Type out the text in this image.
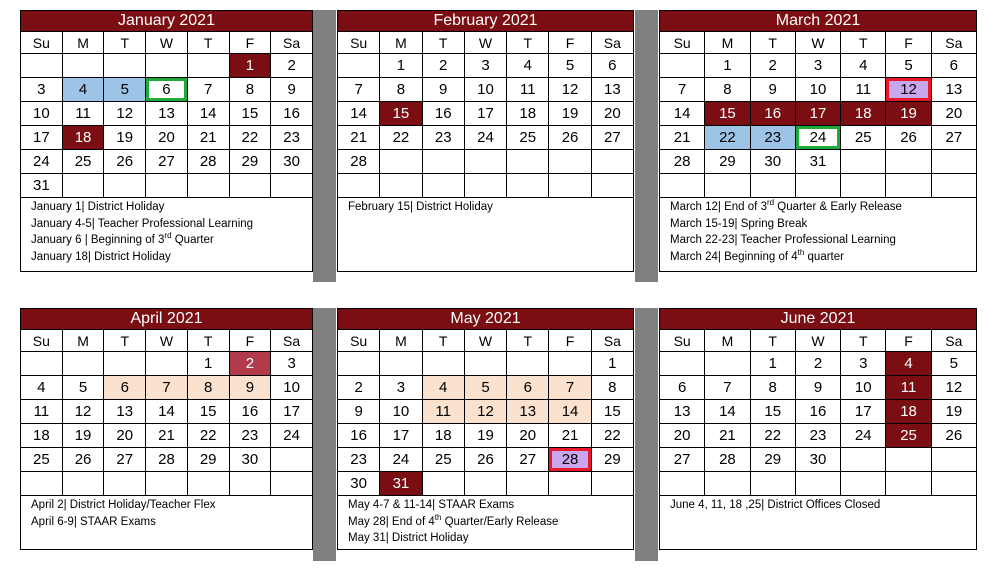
January 2021						
Su	M	T	W	T	F	Sa
					1	2
3	4	5	6	7	8	9
10	11	12	13	14	15	16
17	18	19	20	21	22	23
24	25	26	27	28	29	30
31						

January 1| District Holiday
January 4-5| Teacher Professional Learning
January 6 | Beginning of 3rd Quarter
January 18| District Holiday						
February 2021						
Su	M	T	W	T	F	Sa
	1	2	3	4	5	6
7	8	9	10	11	12	13
14	15	16	17	18	19	20
21	22	23	24	25	26	27
28						

February 15| District Holiday						
March 2021						
Su	M	T	W	T	F	Sa
	1	2	3	4	5	6
7	8	9	10	11	12	13
14	15	16	17	18	19	20
21	22	23	24	25	26	27
28	29	30	31			

March 12| End of 3rd Quarter & Early Release
March 15-19| Spring Break
March 22-23| Teacher Professional Learning
March 24| Beginning of 4th quarter						
April 2021						
Su	M	T	W	T	F	Sa
				1	2	3
4	5	6	7	8	9	10
11	12	13	14	15	16	17
18	19	20	21	22	23	24
25	26	27	28	29	30	

April 2| District Holiday/Teacher Flex
April 6-9| STAAR Exams						
May 2021						
Su	M	T	W	T	F	Sa
						1
2	3	4	5	6	7	8
9	10	11	12	13	14	15
16	17	18	19	20	21	22
23	24	25	26	27	28	29
30	31					

May 4-7 & 11-14| STAAR Exams
May 28| End of 4th Quarter/Early Release
May 31| District Holiday						
June 2021						
Su	M	T	W	T	F	Sa
		1	2	3	4	5
6	7	8	9	10	11	12
13	14	15	16	17	18	19
20	21	22	23	24	25	26
27	28	29	30			

June 4, 11, 18 ,25| District Offices Closed						
